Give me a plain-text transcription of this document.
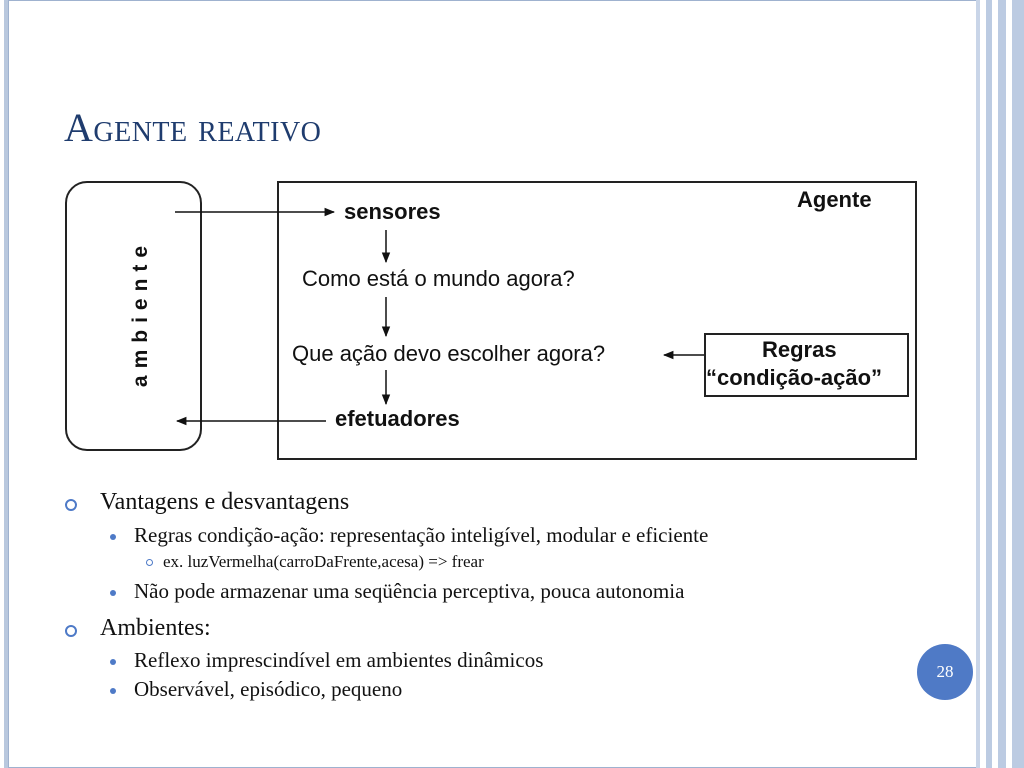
Agente reativo
ambiente
Agente
sensores
Como está o mundo agora?
Que ação devo escolher agora?
efetuadores
Regras
“condição-ação”
Vantagens e desvantagens
Regras condição-ação: representação inteligível, modular e eficiente
ex. luzVermelha(carroDaFrente,acesa) => frear
Não pode armazenar uma seqüência perceptiva, pouca autonomia
Ambientes:
Reflexo imprescindível em ambientes dinâmicos
Observável, episódico, pequeno
28
